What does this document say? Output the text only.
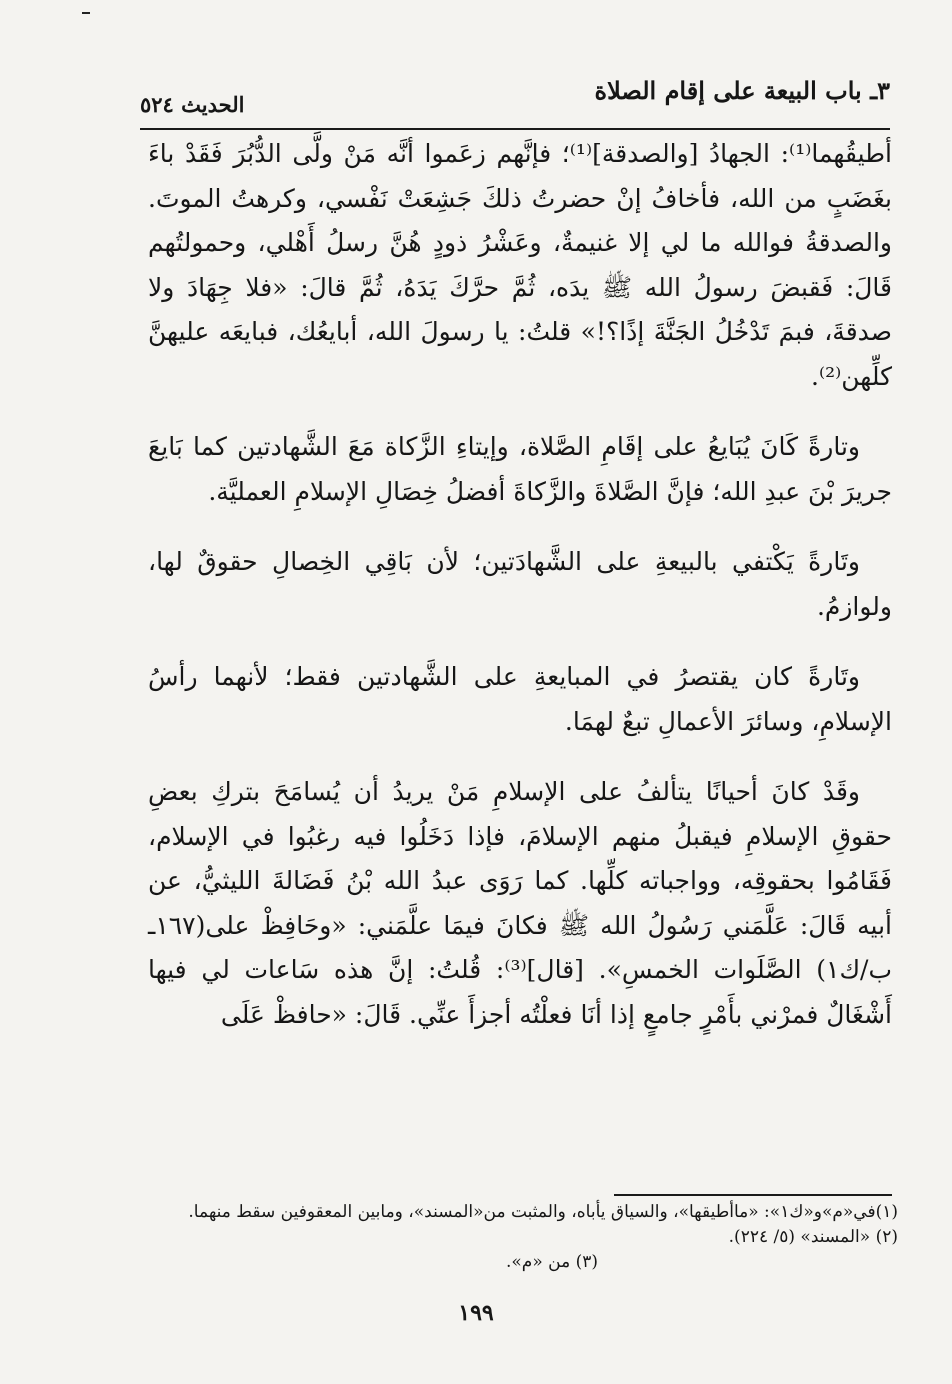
٣ـ باب البيعة على إقام الصلاة
الحديث ٥٢٤

أطيقُهما⁽¹⁾: الجهادُ [والصدقة]⁽¹⁾؛ فإنَّهم زعَموا أنَّه مَنْ ولَّى الدُّبُرَ فَقَدْ باءَ بغَضَبٍ من الله، فأخافُ إنْ حضرتُ ذلكَ جَشِعَتْ نَفْسي، وكرهتُ الموتَ. والصدقةُ فوالله ما لي إلا غنيمةٌ، وعَشْرُ ذودٍ هُنَّ رسلُ أَهْلي، وحمولتُهم قَالَ: فَقبضَ رسولُ الله ﷺ يدَه، ثُمَّ حرَّكَ يَدَهُ، ثُمَّ قالَ: «فلا جِهَادَ ولا صدقةَ، فبمَ تَدْخُلُ الجَنَّةَ إذًا؟!» قلتُ: يا رسولَ الله، أبايعُك، فبايعَه عليهنَّ كلِّهن⁽²⁾.

وتارةً كَانَ يُبَايعُ على إقَامِ الصَّلاة، وإيتاءِ الزَّكاة مَعَ الشَّهادتين كما بَايعَ جريرَ بْنَ عبدِ الله؛ فإنَّ الصَّلاةَ والزَّكاةَ أفضلُ خِصَالِ الإسلامِ العمليَّة.

وتَارةً يَكْتفي بالبيعةِ على الشَّهادَتين؛ لأن بَاقِي الخِصالِ حقوقٌ لها، ولوازمُ.

وتَارةً كان يقتصرُ في المبايعةِ على الشَّهادتين فقط؛ لأنهما رأسُ الإسلامِ، وسائرَ الأعمالِ تبعٌ لهمَا.

وقَدْ كانَ أحيانًا يتألفُ على الإسلامِ مَنْ يريدُ أن يُسامَحَ بتركِ بعضِ حقوقِ الإسلامِ فيقبلُ منهم الإسلامَ، فإذا دَخَلُوا فيه رغبُوا في الإسلام، فَقَامُوا بحقوقِه، وواجباته كلِّها. كما رَوَى عبدُ الله بْنُ فَضَالةَ الليثيُّ، عن أبيه قَالَ: عَلَّمَني رَسُولُ الله ﷺ فكانَ فيمَا علَّمَني: «وحَافِظْ على(١٦٧ـ ب/ك١) الصَّلَوات الخمسِ». [قال]⁽³⁾: قُلتُ: إنَّ هذه سَاعات لي فيها أَشْغَالٌ فمرْني بأَمْرٍ جامعٍ إذا أنَا فعلْتُه أجزأَ عنِّي. قَالَ: «حافظْ عَلَى

(١)في«م»و«ك١»: «ماأطيقها»، والسياق يأباه، والمثبت من«المسند»، ومابين المعقوفين سقط منهما.
(٢) «المسند» (٥/ ٢٢٤).
(٣) من «م».
١٩٩
